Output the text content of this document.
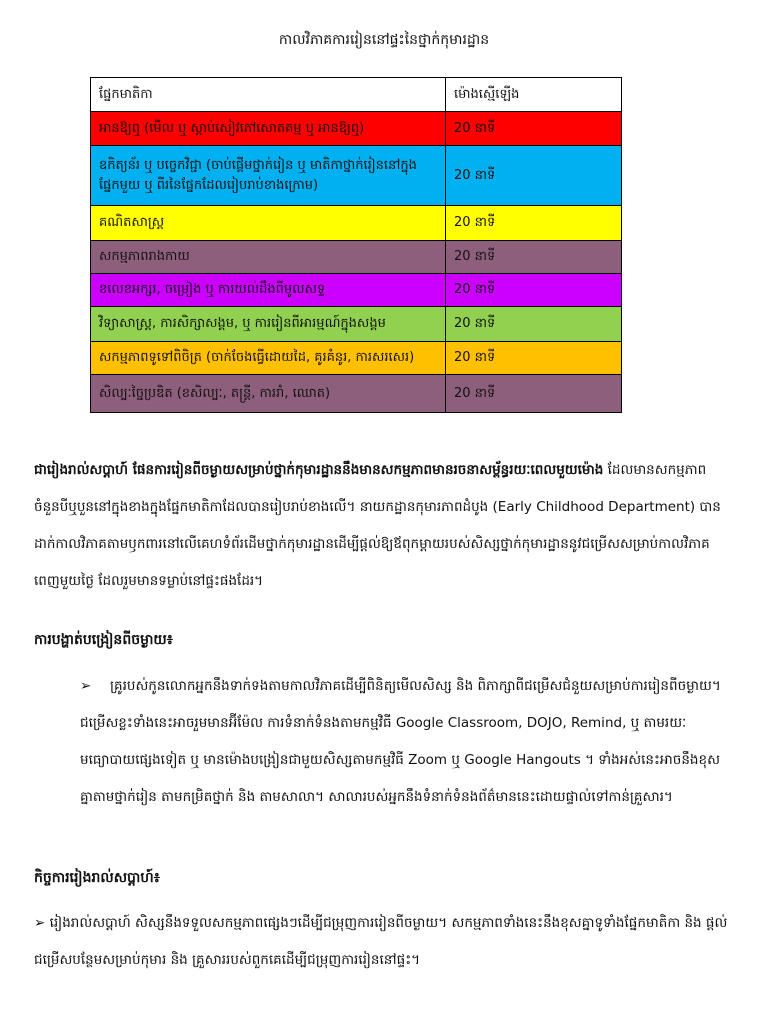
កាលវិភាគការរៀននៅផ្ទះនៃថ្នាក់កុមារដ្ឋាន
ផ្នែកមាតិកា	ម៉ោងស្មើឡើង
អានឱ្យឮ (មើល ឬ ស្តាប់សៀវភៅសោតគម្ម ឬ អានឱ្យឮ)	20 នាទី
ឧកិត្យន័រ ឬ បច្ចេកវិជ្ជា (ចាប់ផ្តើមថ្នាក់រៀន ឬ មាតិកាថ្នាក់រៀននៅក្នុងផ្នែកមួយ ឬ ពីរនៃផ្នែកដែលរៀបរាប់ខាងក្រោម)	20 នាទី
គណិតសាស្ត្រ	20 នាទី
សកម្មភាពរាងកាយ	20 នាទី
ខលេខអក្សរ, ចម្រៀង ឬ ការយល់ដឹងពីមូលសទ្ទ	20 នាទី
វិទ្យាសាស្ត្រ, ការសិក្សាសង្គម, ឬ ការរៀនពីអារម្មណ៍ក្នុងសង្គម	20 នាទី
សកម្មភាពទូទៅពិចិត្រ (ចាក់ចែងធ្វើដោយដៃ, គូរគំនូរ, ការសរសេរ)	20 នាទី
សិល្បៈច្នៃប្រឌិត (ខសិល្បៈ, តន្ត្រី, ការរាំ, ឈោត)	20 នាទី

ជារៀងរាល់សប្តាហ៍ ផែនការរៀនពីចម្ងាយសម្រាប់ថ្នាក់កុមារដ្ឋាននឹងមានសកម្មភាពមានរចនាសម្ព័ន្ធរយៈពេលមួយម៉ោង ដែលមានសកម្មភាពចំនួនបីឬបួននៅក្នុងខាងក្នុងផ្នែកមាតិកាដែលបានរៀបរាប់ខាងលើ។ នាយកដ្ឋានកុមារភាពដំបូង (Early Childhood Department) បានដាក់កាលវិភាគតាមឫកពារនៅលើគេហទំព័រដើមថ្នាក់កុមារដ្ឋានដើម្បីផ្តល់ឱ្យឪពុកម្តាយរបស់សិស្សថ្នាក់កុមារដ្ឋាននូវជម្រើសសម្រាប់កាលវិភាគពេញមួយថ្ងៃ ដែលរួមមានទម្លាប់នៅផ្ទះផងដែរ។

ការបង្ហាត់បង្រៀនពីចម្ងាយ៖
➢ គ្រូរបស់កូនលោកអ្នកនឹងទាក់ទងតាមកាលវិភាគដើម្បីពិនិត្យមើលសិស្ស និង ពិភាក្សាពីជម្រើសជំនួយសម្រាប់ការរៀនពីចម្ងាយ។ ជម្រើសខ្លះទាំងនេះអាចរួមមានអ៊ីម៉ែល ការទំនាក់ទំនងតាមកម្មវិធី Google Classroom, DOJO, Remind, ឬ តាមរយៈមធ្យោបាយផ្សេងទៀត ឬ មានម៉ោងបង្រៀនជាមួយសិស្សតាមកម្មវិធី Zoom ឬ Google Hangouts ។ ទាំងអស់នេះអាចនឹងខុសគ្នាតាមថ្នាក់រៀន តាមកម្រិតថ្នាក់ និង តាមសាលា។ សាលារបស់អ្នកនឹងទំនាក់ទំនងព័ត៌មាននេះដោយផ្ទាល់ទៅកាន់គ្រួសារ។
កិច្ចការរៀងរាល់សប្តាហ៍៖

➢ រៀងរាល់សប្តាហ៍ សិស្សនឹងទទួលសកម្មភាពផ្សេងៗដើម្បីជម្រុញការរៀនពីចម្ងាយ។ សកម្មភាពទាំងនេះនឹងខុសគ្នាទូទាំងផ្នែកមាតិកា និង ផ្តល់ជម្រើសបន្ថែមសម្រាប់កុមារ និង គ្រួសាររបស់ពួកគេដើម្បីជម្រុញការរៀននៅផ្ទះ។
